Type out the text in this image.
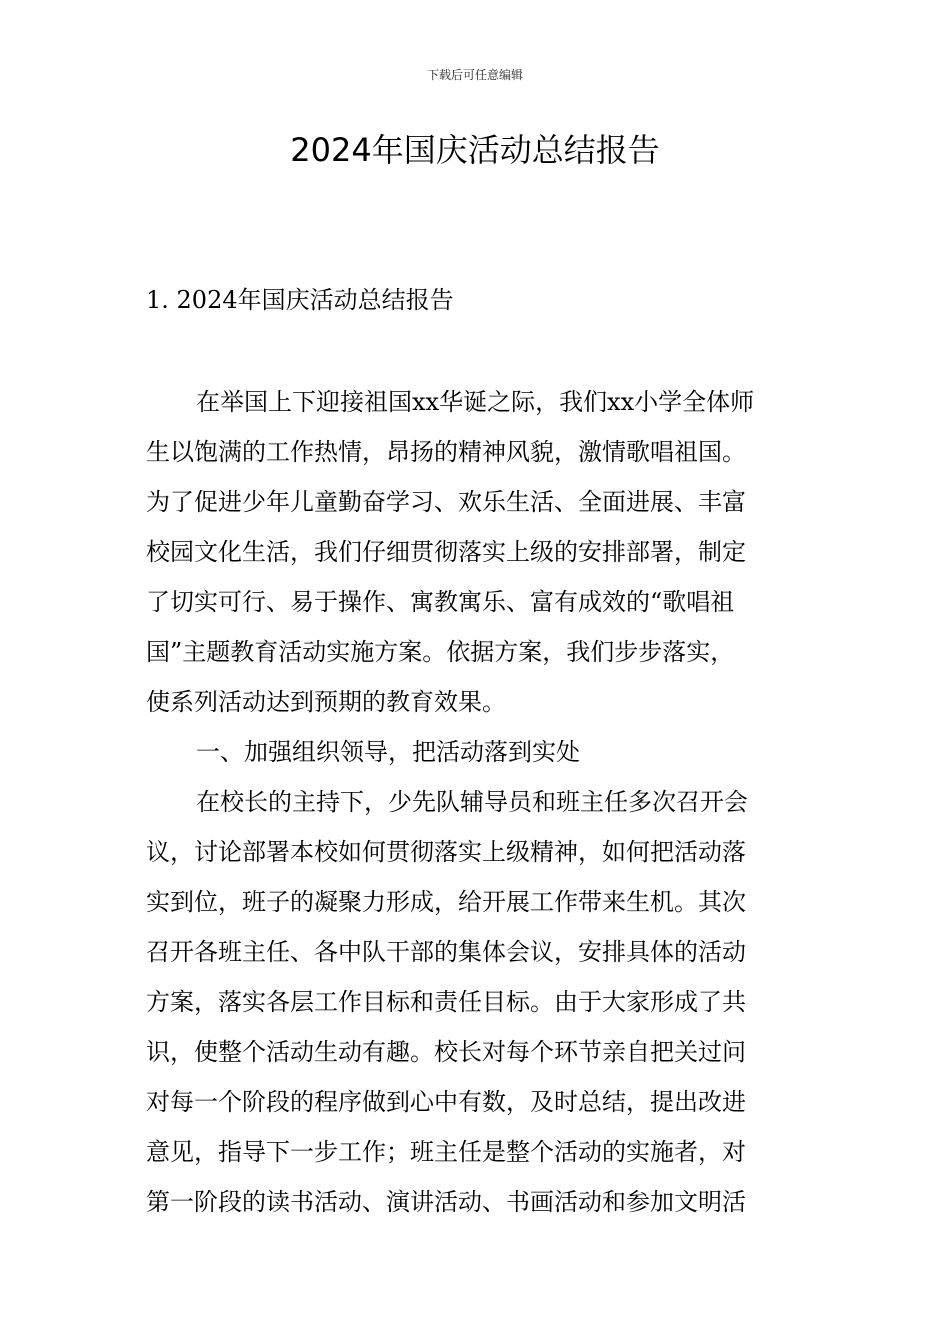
下载后可任意编辑
2024年国庆活动总结报告
1. 2024年国庆活动总结报告
在举国上下迎接祖国xx华诞之际，我们xx小学全体师
生以饱满的工作热情，昂扬的精神风貌，激情歌唱祖国。
为了促进少年儿童勤奋学习、欢乐生活、全面进展、丰富
校园文化生活，我们仔细贯彻落实上级的安排部署，制定
了切实可行、易于操作、寓教寓乐、富有成效的“歌唱祖
国”主题教育活动实施方案。依据方案，我们步步落实，
使系列活动达到预期的教育效果。
一、加强组织领导，把活动落到实处
在校长的主持下，少先队辅导员和班主任多次召开会
议，讨论部署本校如何贯彻落实上级精神，如何把活动落
实到位，班子的凝聚力形成，给开展工作带来生机。其次
召开各班主任、各中队干部的集体会议，安排具体的活动
方案，落实各层工作目标和责任目标。由于大家形成了共
识，使整个活动生动有趣。校长对每个环节亲自把关过问
对每一个阶段的程序做到心中有数，及时总结，提出改进
意见，指导下一步工作；班主任是整个活动的实施者，对
第一阶段的读书活动、演讲活动、书画活动和参加文明活
